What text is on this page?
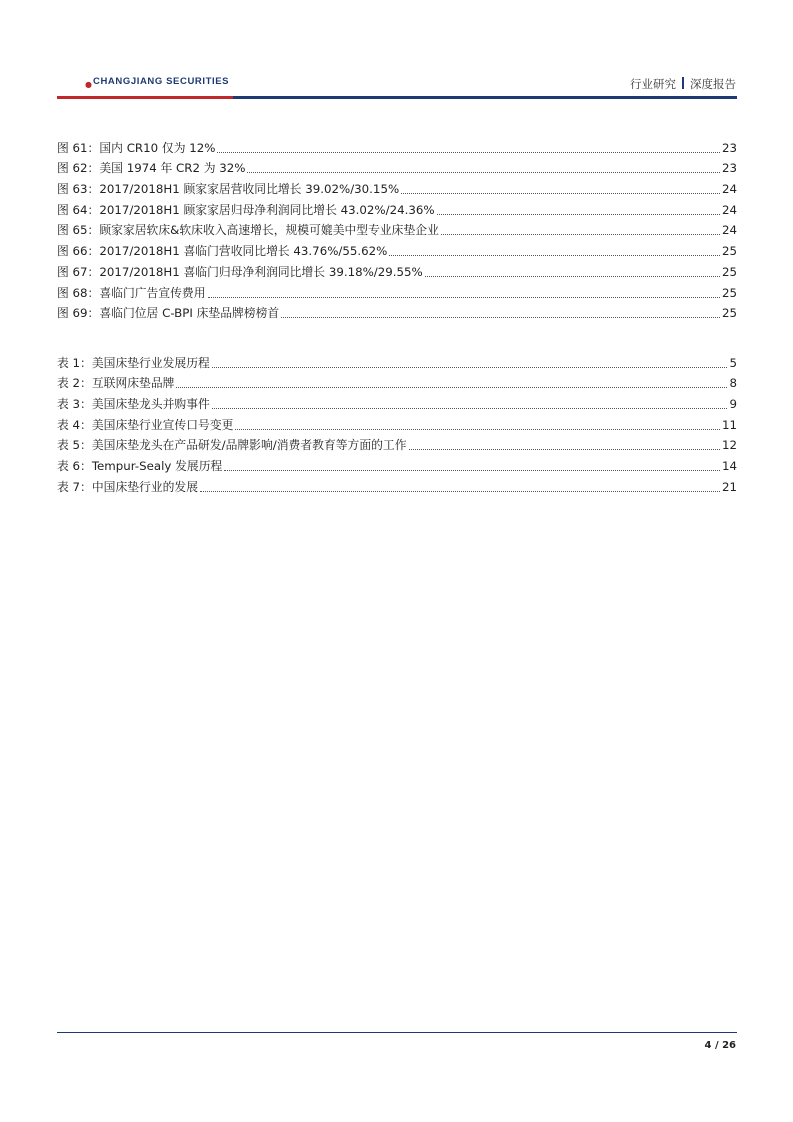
● CHANGJIANG SECURITIES	行业研究 深度报告
图 61：国内 CR10 仅为 12%	23
图 62：美国 1974 年 CR2 为 32%	23
图 63：2017/2018H1 顾家家居营收同比增长 39.02%/30.15%	24
图 64：2017/2018H1 顾家家居归母净利润同比增长 43.02%/24.36%	24
图 65：顾家家居软床&软床收入高速增长，规模可媲美中型专业床垫企业	24
图 66：2017/2018H1 喜临门营收同比增长 43.76%/55.62%	25
图 67：2017/2018H1 喜临门归母净利润同比增长 39.18%/29.55%	25
图 68：喜临门广告宣传费用	25
图 69：喜临门位居 C-BPI 床垫品牌榜榜首	25
表 1：美国床垫行业发展历程	5
表 2：互联网床垫品牌	8
表 3：美国床垫龙头并购事件	9
表 4：美国床垫行业宣传口号变更	11
表 5：美国床垫龙头在产品研发/品牌影响/消费者教育等方面的工作	12
表 6：Tempur-Sealy 发展历程	14
表 7：中国床垫行业的发展	21
4 / 26
